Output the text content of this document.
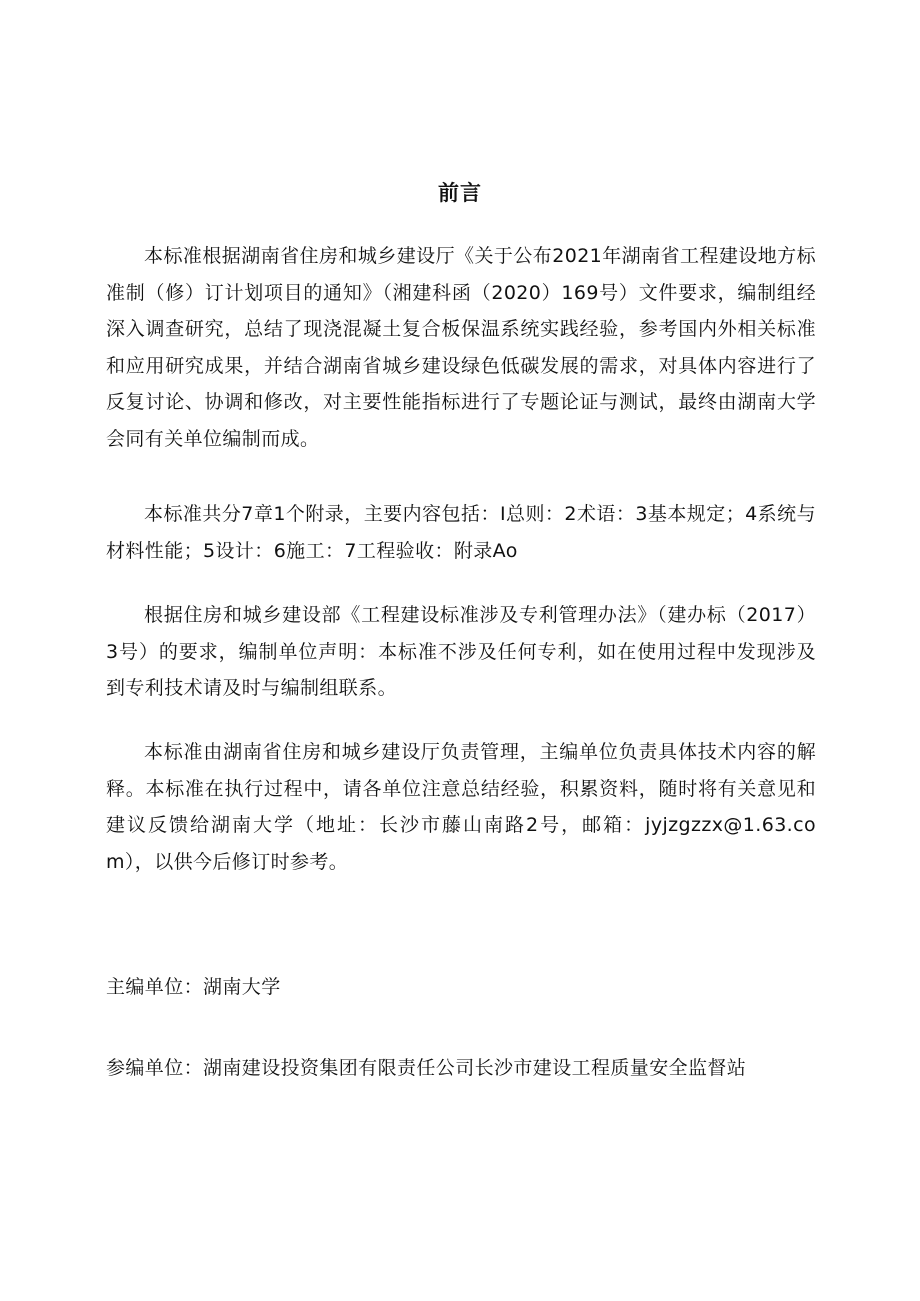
前言

本标准根据湖南省住房和城乡建设厅《关于公布2021年湖南省工程建设地方标准制（修）订计划项目的通知》（湘建科函（2020）169号）文件要求，编制组经深入调查研究，总结了现浇混凝土复合板保温系统实践经验，参考国内外相关标准和应用研究成果，并结合湖南省城乡建设绿色低碳发展的需求，对具体内容进行了反复讨论、协调和修改，对主要性能指标进行了专题论证与测试，最终由湖南大学会同有关单位编制而成。

本标准共分7章1个附录，主要内容包括：I总则：2术语：3基本规定；4系统与材料性能；5设计：6施工：7工程验收：附录Ao

根据住房和城乡建设部《工程建设标准涉及专利管理办法》（建办标（2017）3号）的要求，编制单位声明：本标准不涉及任何专利，如在使用过程中发现涉及到专利技术请及时与编制组联系。

本标准由湖南省住房和城乡建设厅负责管理，主编单位负责具体技术内容的解释。本标准在执行过程中，请各单位注意总结经验，积累资料，随时将有关意见和建议反馈给湖南大学（地址：长沙市藤山南路2号，邮箱：jyjzgzzx@1.63.com），以供今后修订时参考。

主编单位：湖南大学
参编单位：湖南建设投资集团有限责任公司长沙市建设工程质量安全监督站
